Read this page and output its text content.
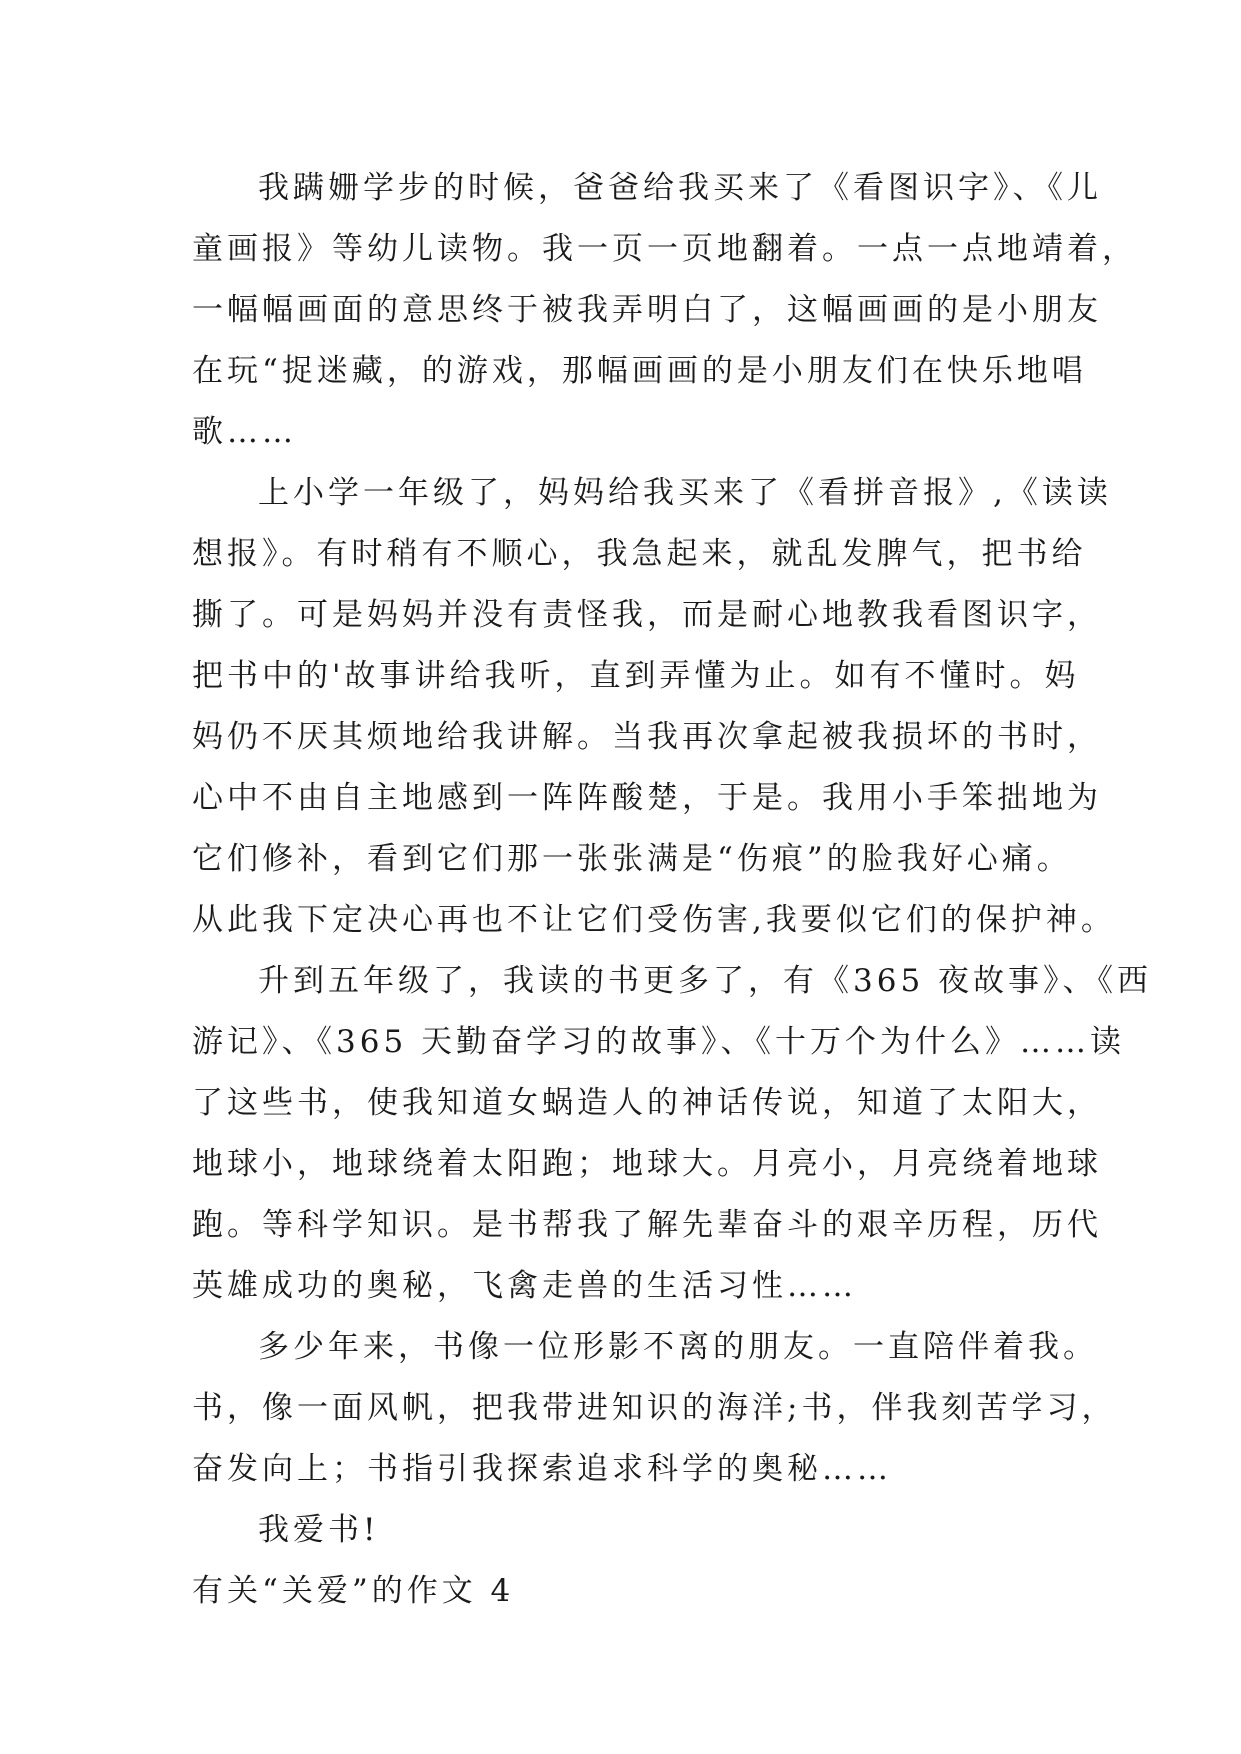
我蹒姗学步的时候，爸爸给我买来了《看图识字》、《儿

童画报》等幼儿读物。我一页一页地翻着。一点一点地靖着，

一幅幅画面的意思终于被我弄明白了，这幅画画的是小朋友

在玩“捉迷藏，的游戏，那幅画画的是小朋友们在快乐地唱

歌……

上小学一年级了，妈妈给我买来了《看拼音报》,《读读

想报》。有时稍有不顺心，我急起来，就乱发脾气，把书给

撕了。可是妈妈并没有责怪我，而是耐心地教我看图识字，

把书中的'故事讲给我听，直到弄懂为止。如有不懂时。妈

妈仍不厌其烦地给我讲解。当我再次拿起被我损坏的书时，

心中不由自主地感到一阵阵酸楚，于是。我用小手笨拙地为

它们修补，看到它们那一张张满是“伤痕”的脸我好心痛。

从此我下定决心再也不让它们受伤害,我要似它们的保护神。

升到五年级了，我读的书更多了，有《365 夜故事》、《西

游记》、《365 天勤奋学习的故事》、《十万个为什么》……读

了这些书，使我知道女蜗造人的神话传说，知道了太阳大，

地球小，地球绕着太阳跑；地球大。月亮小，月亮绕着地球

跑。等科学知识。是书帮我了解先辈奋斗的艰辛历程，历代

英雄成功的奥秘，飞禽走兽的生活习性……

多少年来，书像一位形影不离的朋友。一直陪伴着我。

书，像一面风帆，把我带进知识的海洋;书，伴我刻苦学习，

奋发向上；书指引我探索追求科学的奥秘……

我爱书!

有关“关爱”的作文 4
